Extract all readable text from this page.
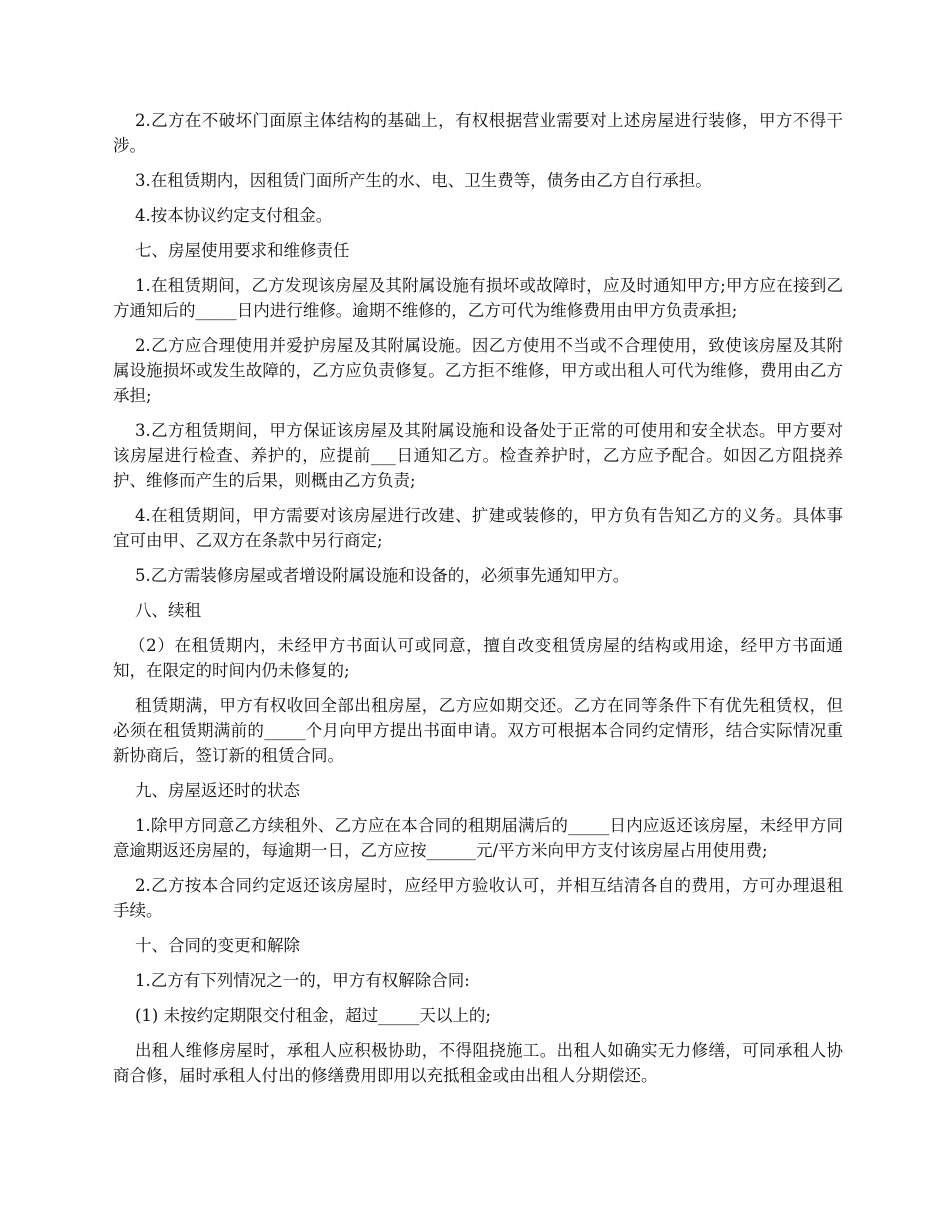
2.乙方在不破坏门面原主体结构的基础上，有权根据营业需要对上述房屋进行装修，甲方不得干涉。

3.在租赁期内，因租赁门面所产生的水、电、卫生费等，债务由乙方自行承担。

4.按本协议约定支付租金。

七、房屋使用要求和维修责任

1.在租赁期间，乙方发现该房屋及其附属设施有损坏或故障时，应及时通知甲方;甲方应在接到乙方通知后的_____日内进行维修。逾期不维修的，乙方可代为维修费用由甲方负责承担;

2.乙方应合理使用并爱护房屋及其附属设施。因乙方使用不当或不合理使用，致使该房屋及其附属设施损坏或发生故障的，乙方应负责修复。乙方拒不维修，甲方或出租人可代为维修，费用由乙方承担;

3.乙方租赁期间，甲方保证该房屋及其附属设施和设备处于正常的可使用和安全状态。甲方要对该房屋进行检查、养护的，应提前___日通知乙方。检查养护时，乙方应予配合。如因乙方阻挠养护、维修而产生的后果，则概由乙方负责;

4.在租赁期间，甲方需要对该房屋进行改建、扩建或装修的，甲方负有告知乙方的义务。具体事宜可由甲、乙双方在条款中另行商定;

5.乙方需装修房屋或者增设附属设施和设备的，必须事先通知甲方。

八、续租

（2）在租赁期内，未经甲方书面认可或同意，擅自改变租赁房屋的结构或用途，经甲方书面通知，在限定的时间内仍未修复的;

租赁期满，甲方有权收回全部出租房屋，乙方应如期交还。乙方在同等条件下有优先租赁权，但必须在租赁期满前的_____个月向甲方提出书面申请。双方可根据本合同约定情形，结合实际情况重新协商后，签订新的租赁合同。

九、房屋返还时的状态

1.除甲方同意乙方续租外、乙方应在本合同的租期届满后的_____日内应返还该房屋，未经甲方同意逾期返还房屋的，每逾期一日，乙方应按______元/平方米向甲方支付该房屋占用使用费;

2.乙方按本合同约定返还该房屋时，应经甲方验收认可，并相互结清各自的费用，方可办理退租手续。

十、合同的变更和解除

1.乙方有下列情况之一的，甲方有权解除合同:

(1) 未按约定期限交付租金，超过_____天以上的;

出租人维修房屋时，承租人应积极协助，不得阻挠施工。出租人如确实无力修缮，可同承租人协商合修，届时承租人付出的修缮费用即用以充抵租金或由出租人分期偿还。
